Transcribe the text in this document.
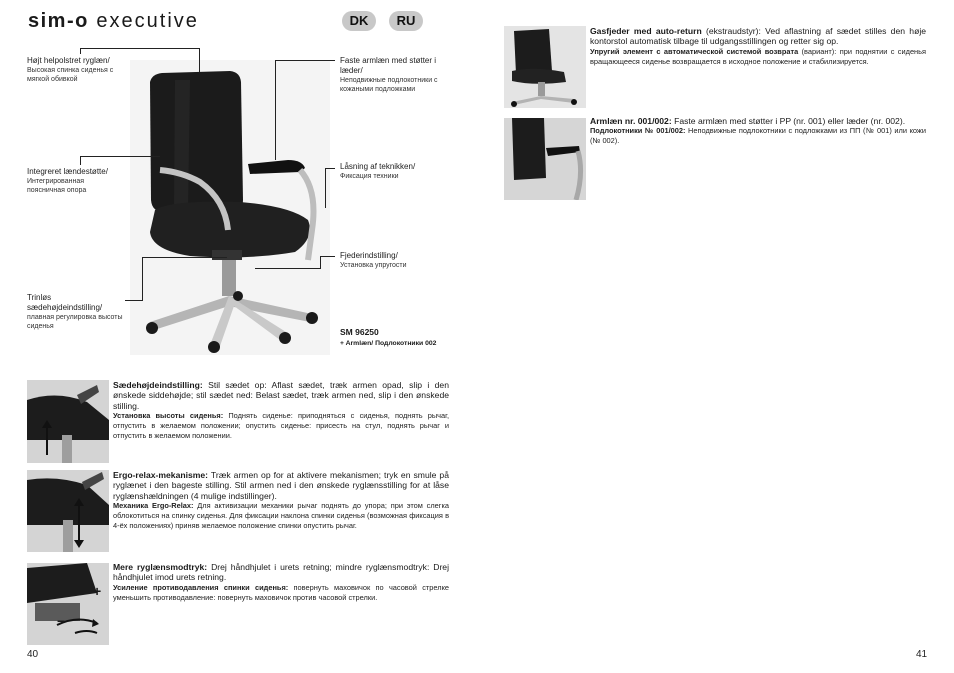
sim-o executive	DK	RU
Højt helpolstret ryglæn/
Высокая спинка сиденья с мягкой обивкой
Integreret lændestøtte/
Интегрированная поясничная опора
Trinløs sædehøjdeindstilling/
плавная регулировка высоты сиденья
Faste armlæn med støtter i læder/
Неподвижные подлокотники с кожаными подложками
Låsning af teknikken/
Фиксация техники
Fjederindstilling/
Установка упругости
SM 96250
+ Armlæn/ Подлокотники 002
+
−
Sædehøjdeindstilling: Stil sædet op: Aflast sædet, træk armen opad, slip i den ønskede siddehøjde; stil sædet ned: Belast sædet, træk armen ned, slip i den ønskede stilling.
Установка высоты сиденья: Поднять сиденье: приподняться с сиденья, поднять рычаг, отпустить в желаемом положении; опустить сиденье: присесть на стул, поднять рычаг и отпустить в желаемом положении.
Ergo-relax-mekanisme: Træk armen op for at aktivere mekanismen; tryk en smule på ryglænet i den bageste stilling. Stil armen ned i den ønskede ryglænsstilling for at låse ryglænshældningen (4 mulige indstillinger).
Механика Ergo-Relax: Для активизации механики рычаг поднять до упора; при этом слегка облокотиться на спинку сиденья. Для фиксации наклона спинки сиденья (возможная фиксация в 4-ёх положениях) приняв желаемое положение спинки опустить рычаг.
Mere ryglænsmodtryk: Drej håndhjulet i urets retning; mindre ryglænsmodtryk: Drej håndhjulet imod urets retning.
Усиление противодавления спинки сиденья: повернуть маховичок по часовой стрелке уменьшить противодавление: повернуть маховичок против часовой стрелки.
Gasfjeder med auto-return (ekstraudstyr): Ved aflastning af sædet stilles den høje kontorstol automatisk tilbage til udgangsstillingen og retter sig op.
Упругий элемент с автоматической системой возврата (вариант): при поднятии с сиденья вращающееся сиденье возвращается в исходное положение и стабилизируется.
Armlæn nr. 001/002: Faste armlæn med støtter i PP (nr. 001) eller læder (nr. 002).
Подлокотники № 001/002: Неподвижные подлокотники с подложками из ПП (№ 001) или кожи (№ 002).
40	41
